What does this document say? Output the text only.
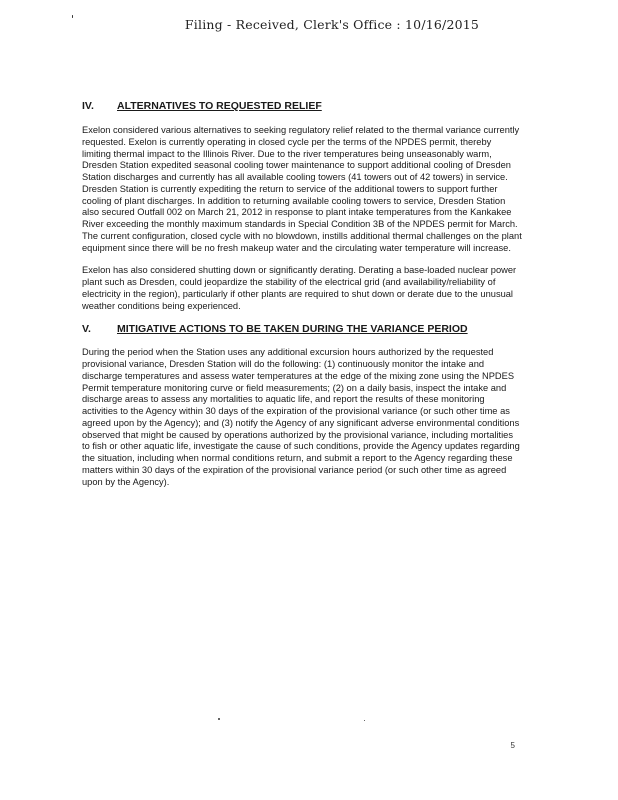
Filing - Received, Clerk's Office : 10/16/2015
IV.	ALTERNATIVES TO REQUESTED RELIEF

Exelon considered various alternatives to seeking regulatory relief related to the thermal variance currently requested. Exelon is currently operating in closed cycle per the terms of the NPDES permit, thereby limiting thermal impact to the Illinois River. Due to the river temperatures being unseasonably warm, Dresden Station expedited seasonal cooling tower maintenance to support additional cooling of Dresden Station discharges and currently has all available cooling towers (41 towers out of 42 towers) in service. Dresden Station is currently expediting the return to service of the additional towers to support further cooling of plant discharges. In addition to returning available cooling towers to service, Dresden Station also secured Outfall 002 on March 21, 2012 in response to plant intake temperatures from the Kankakee River exceeding the monthly maximum standards in Special Condition 3B of the NPDES permit for March. The current configuration, closed cycle with no blowdown, instills additional thermal challenges on the plant equipment since there will be no fresh makeup water and the circulating water temperature will increase.

Exelon has also considered shutting down or significantly derating. Derating a base-loaded nuclear power plant such as Dresden, could jeopardize the stability of the electrical grid (and availability/reliability of electricity in the region), particularly if other plants are required to shut down or derate due to the unusual weather conditions being experienced.

V.	MITIGATIVE ACTIONS TO BE TAKEN DURING THE VARIANCE PERIOD

During the period when the Station uses any additional excursion hours authorized by the requested provisional variance, Dresden Station will do the following: (1) continuously monitor the intake and discharge temperatures and assess water temperatures at the edge of the mixing zone using the NPDES Permit temperature monitoring curve or field measurements; (2) on a daily basis, inspect the intake and discharge areas to assess any mortalities to aquatic life, and report the results of these monitoring activities to the Agency within 30 days of the expiration of the provisional variance (or such other time as agreed upon by the Agency); and (3) notify the Agency of any significant adverse environmental conditions observed that might be caused by operations authorized by the provisional variance, including mortalities to fish or other aquatic life, investigate the cause of such conditions, provide the Agency updates regarding the situation, including when normal conditions return, and submit a report to the Agency regarding these matters within 30 days of the expiration of the provisional variance period (or such other time as agreed upon by the Agency).

5
